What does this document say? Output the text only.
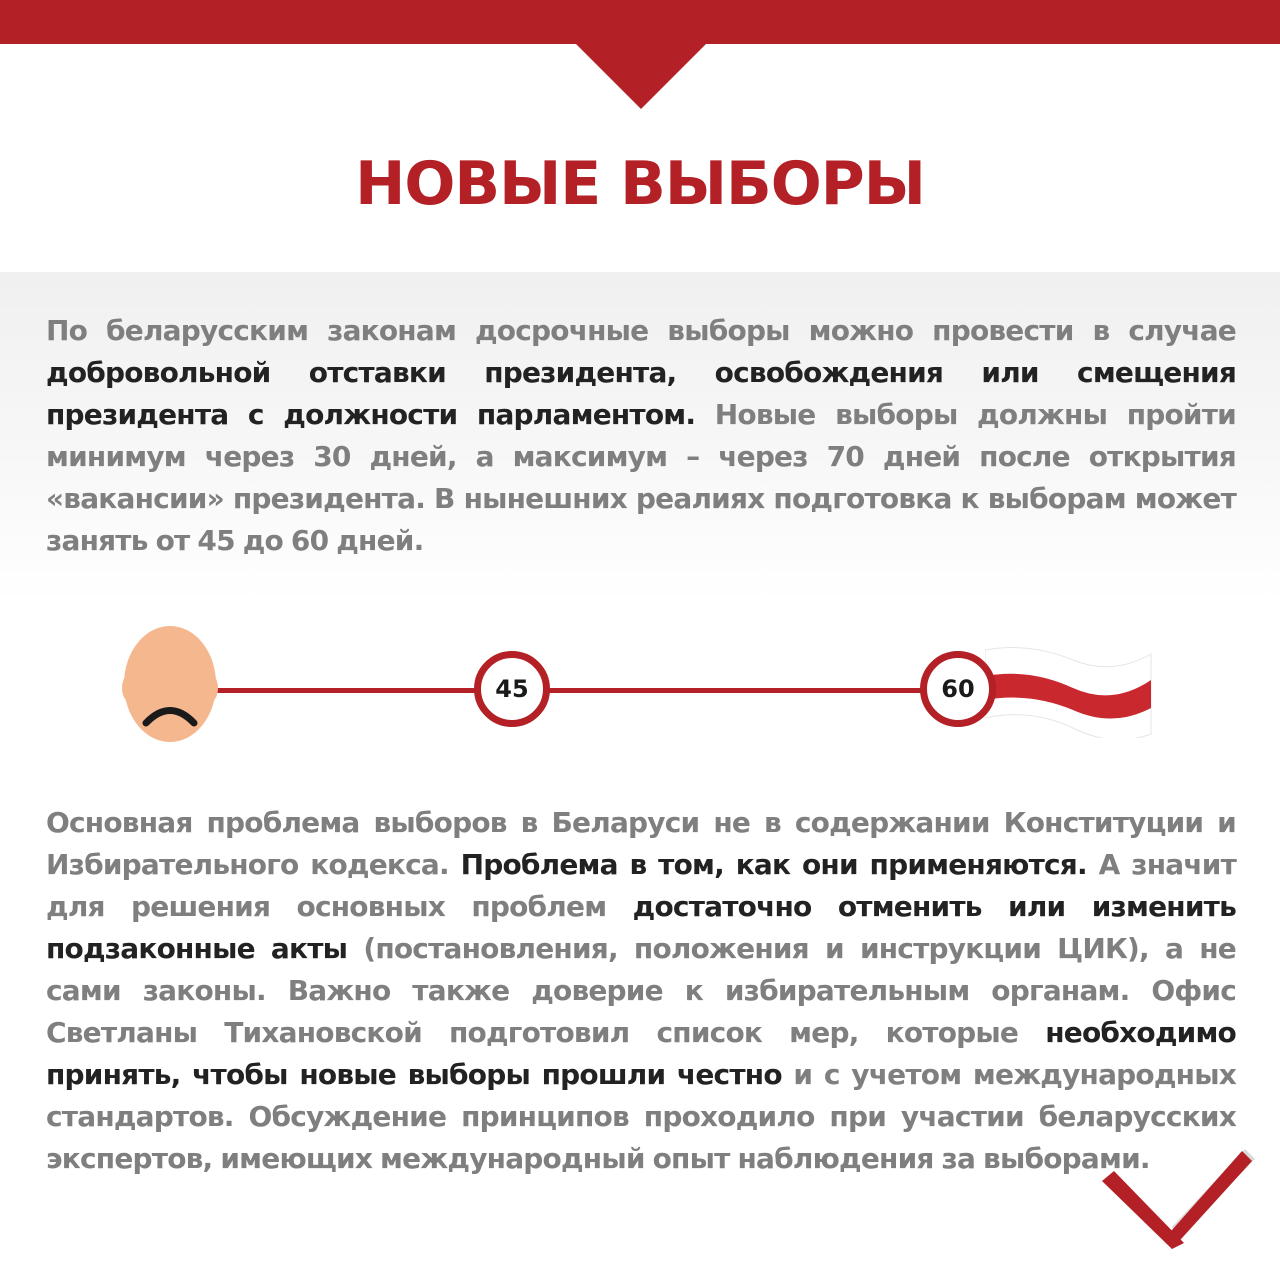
НОВЫЕ ВЫБОРЫ

По беларусским законам досрочные выборы можно провести в случае добровольной отставки президента, освобождения или смещения президента с должности парламентом. Новые выборы должны пройти минимум через 30 дней, а максимум – через 70 дней после открытия «вакансии» президента. В нынешних реалиях подготовка к выборам может занять от 45 до 60 дней.

45	60

Основная проблема выборов в Беларуси не в содержании Конституции и Избирательного кодекса. Проблема в том, как они применяются. А значит для решения основных проблем достаточно отменить или изменить подзаконные акты (постановления, положения и инструкции ЦИК), а не сами законы. Важно также доверие к избирательным органам. Офис Светланы Тихановской подготовил список мер, которые необходимо принять, чтобы новые выборы прошли честно и с учетом международных стандартов. Обсуждение принципов проходило при участии беларусских экспертов, имеющих международный опыт наблюдения за выборами.
